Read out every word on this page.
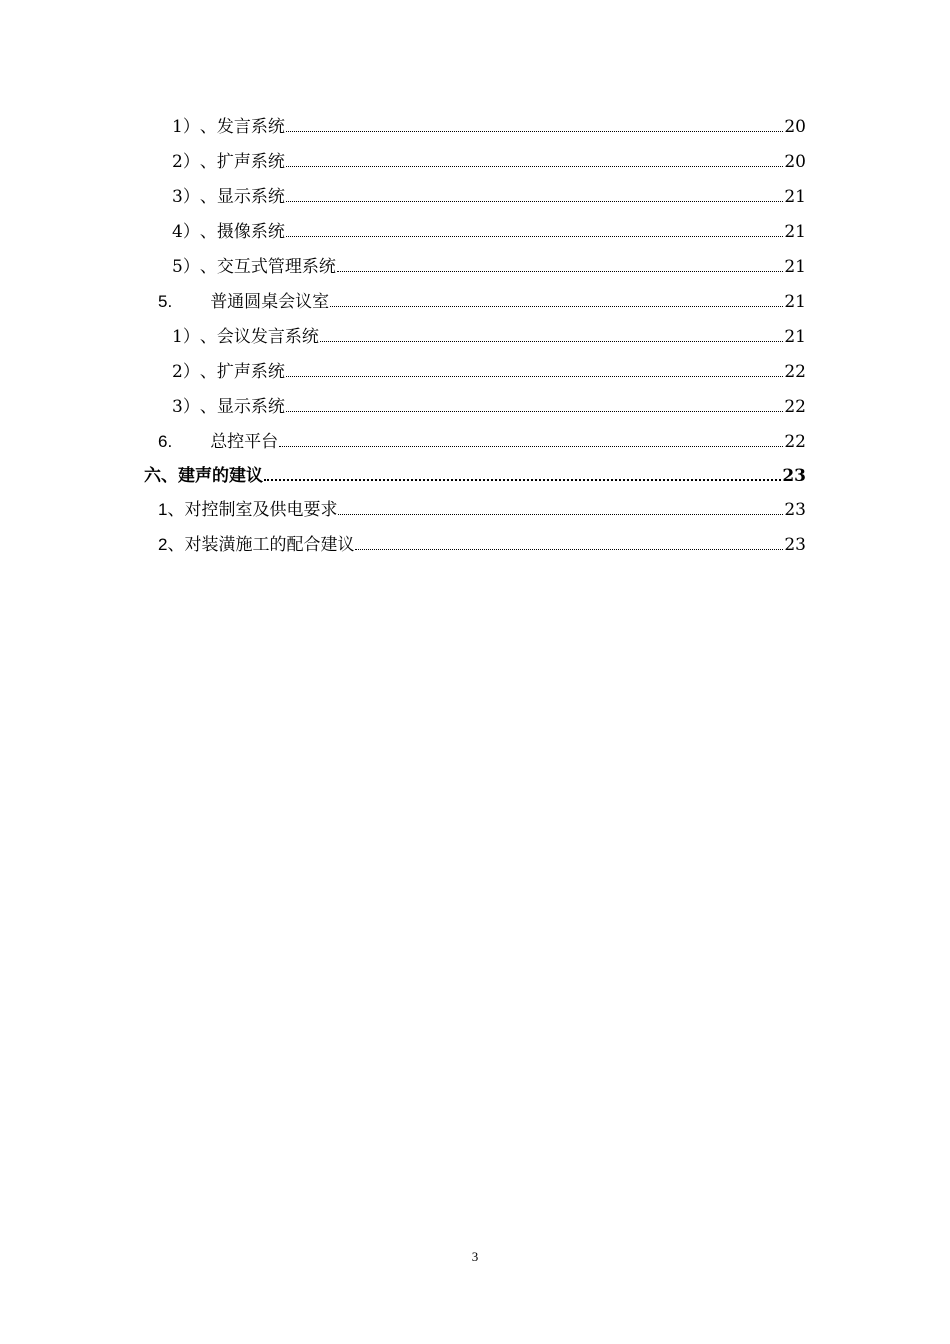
1） 、 发言系统	20
2） 、 扩声系统	20
3） 、 显示系统	21
4） 、 摄像系统	21
5） 、 交互式管理系统	21
5. 普通圆桌会议室	21
1） 、 会议发言系统	21
2） 、 扩声系统	22
3） 、 显示系统	22
6. 总控平台	22
六、建声的建议	23
1 、对控制室及供电要求	23
2 、对装潢施工的配合建议	23
3
